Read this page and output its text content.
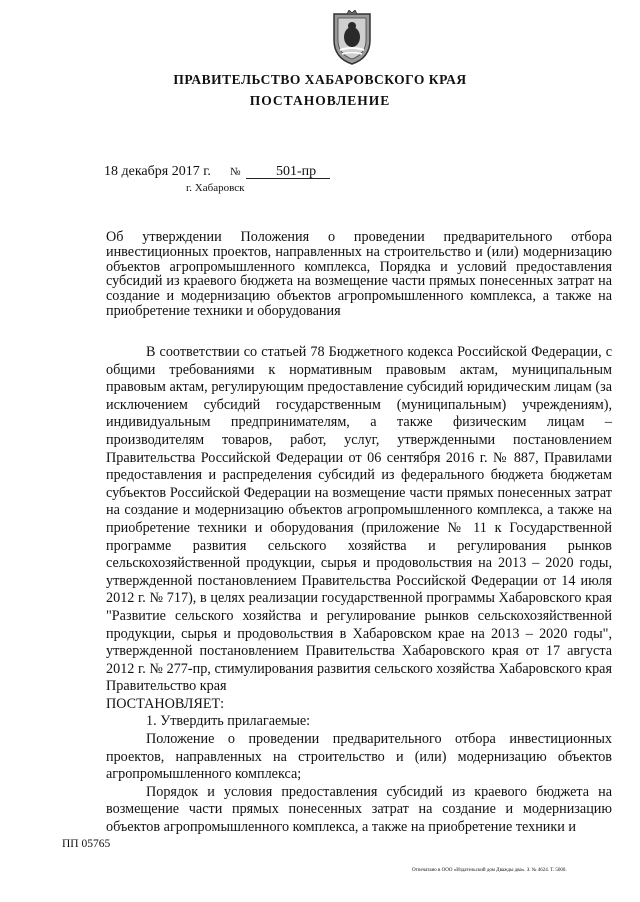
ПРАВИТЕЛЬСТВО ХАБАРОВСКОГО КРАЯ
ПОСТАНОВЛЕНИЕ
18 декабря 2017 г. №	501-пр
г. Хабаровск
Об утверждении Положения о проведении предварительного отбора инвестиционных проектов, направленных на строительство и (или) модернизацию объектов агропромышленного комплекса, Порядка и условий предоставления субсидий из краевого бюджета на возмещение части прямых понесенных затрат на создание и модернизацию объектов агропромышленного комплекса, а также на приобретение техники и оборудования

В соответствии со статьей 78 Бюджетного кодекса Российской Федерации, с общими требованиями к нормативным правовым актам, муниципальным правовым актам, регулирующим предоставление субсидий юридическим лицам (за исключением субсидий государственным (муниципальным) учреждениям), индивидуальным предпринимателям, а также физическим лицам – производителям товаров, работ, услуг, утвержденными постановлением Правительства Российской Федерации от 06 сентября 2016 г. № 887, Правилами предоставления и распределения субсидий из федерального бюджета бюджетам субъектов Российской Федерации на возмещение части прямых понесенных затрат на создание и модернизацию объектов агропромышленного комплекса, а также на приобретение техники и оборудования (приложение № 11 к Государственной программе развития сельского хозяйства и регулирования рынков сельскохозяйственной продукции, сырья и продовольствия на 2013 – 2020 годы, утвержденной постановлением Правительства Российской Федерации от 14 июля 2012 г. № 717), в целях реализации государственной программы Хабаровского края "Развитие сельского хозяйства и регулирование рынков сельскохозяйственной продукции, сырья и продовольствия в Хабаровском крае на 2013 – 2020 годы", утвержденной постановлением Правительства Хабаровского края от 17 августа 2012 г. № 277-пр, стимулирования развития сельского хозяйства Хабаровского края Правительство края

ПОСТАНОВЛЯЕТ:

1. Утвердить прилагаемые:

Положение о проведении предварительного отбора инвестиционных проектов, направленных на строительство и (или) модернизацию объектов агропромышленного комплекса;

Порядок и условия предоставления субсидий из краевого бюджета на возмещение части прямых понесенных затрат на создание и модернизацию объектов агропромышленного комплекса, а также на приобретение техники и

ПП 05765
Отпечатано в ООО «Издательский дом Дважды два». З. № 4624. Т. 5000.
